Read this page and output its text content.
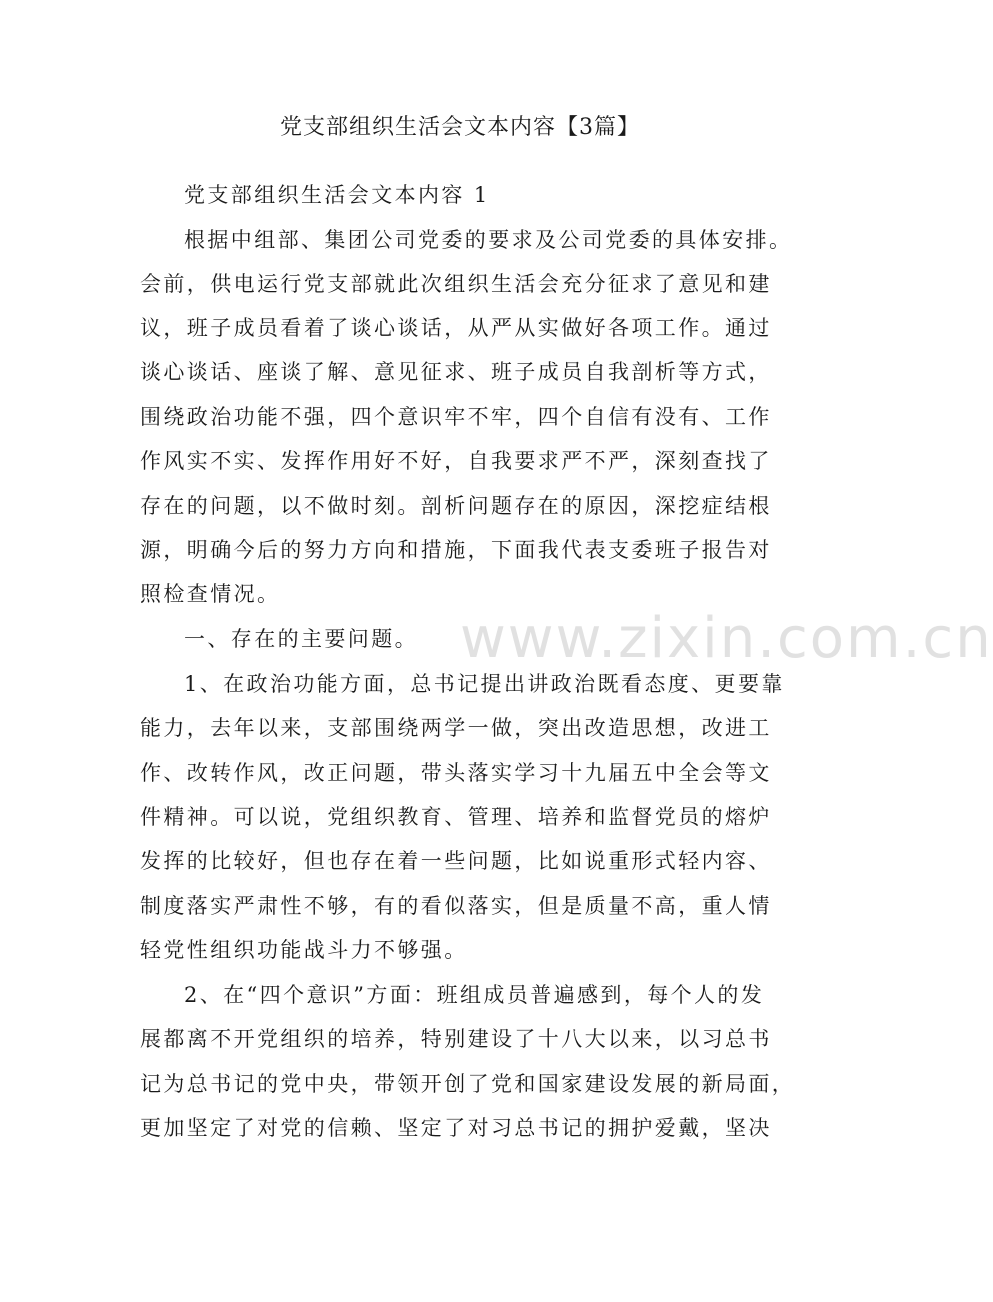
www.zixin.com.cn
党支部组织生活会文本内容【3篇】
党支部组织生活会文本内容 1
根据中组部、集团公司党委的要求及公司党委的具体安排。
会前，供电运行党支部就此次组织生活会充分征求了意见和建
议，班子成员看着了谈心谈话，从严从实做好各项工作。通过
谈心谈话、座谈了解、意见征求、班子成员自我剖析等方式，
围绕政治功能不强，四个意识牢不牢，四个自信有没有、工作
作风实不实、发挥作用好不好，自我要求严不严，深刻查找了
存在的问题，以不做时刻。剖析问题存在的原因，深挖症结根
源，明确今后的努力方向和措施，下面我代表支委班子报告对
照检查情况。
一、存在的主要问题。
1、在政治功能方面，总书记提出讲政治既看态度、更要靠
能力，去年以来，支部围绕两学一做，突出改造思想，改进工
作、改转作风，改正问题，带头落实学习十九届五中全会等文
件精神。可以说，党组织教育、管理、培养和监督党员的熔炉
发挥的比较好，但也存在着一些问题，比如说重形式轻内容、
制度落实严肃性不够，有的看似落实，但是质量不高，重人情
轻党性组织功能战斗力不够强。
2、在“四个意识”方面：班组成员普遍感到，每个人的发
展都离不开党组织的培养，特别建设了十八大以来，以习总书
记为总书记的党中央，带领开创了党和国家建设发展的新局面，
更加坚定了对党的信赖、坚定了对习总书记的拥护爱戴，坚决
